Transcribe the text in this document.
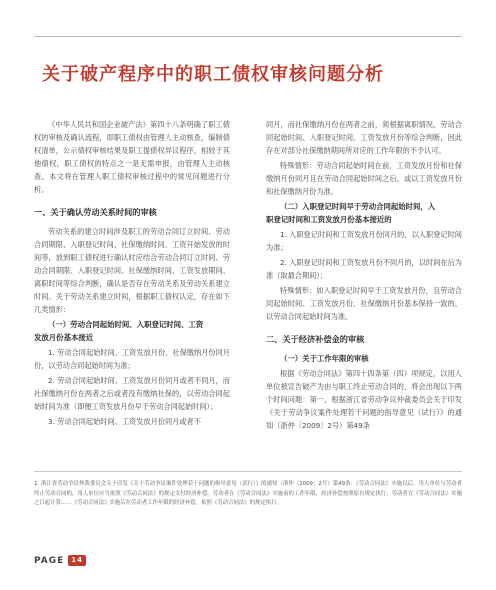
关于破产程序中的职工债权审核问题分析

《中华人民共和国企业破产法》第四十八条明确了职工债权的审核及确认流程，即职工债权由管理人主动核查，编制债权清单，公示债权审核结果及职工提债权异议程序，相较于其他债权，职工债权的特点之一是无需申报，由管理人主动核查。本文将在管理人职工债权审核过程中的常见问题进行分析。

一、关于确认劳动关系时间的审核

劳动关系的建立时间涉及职工的劳动合同订立时间、劳动合同期限、入职登记时间、社保缴纳时间、工资开始发放的时间等，放到职工债权进行确认时应结合劳动合同订立时间、劳动合同期限、入职登记时间、社保缴纳时间、工资发放期间、离职时间等综合判断，确认是否存在劳动关系及劳动关系建立时间。关于劳动关系建立时间，根据职工债权认定，存在如下几类情形：

（一）劳动合同起始时间、入职登记时间、工资
发放月份基本接近

1. 劳动合同起始时间、工资发放月份、社保缴纳月份同月份，以劳动合同起始时间为准；

2. 劳动合同起始时间、工资发放月份同月或者不同月，而社保缴纳月份在两者之后或者没有缴纳社保的，以劳动合同起始时间为准（即便工资发放月份早于劳动合同起始时间）；

3. 劳动合同起始时间、工资发放月份同月或者不

同月，而社保缴纳月份在两者之前，须根据离职情况、劳动合同起始时间、入职登记时间、工资发放月份等综合判断，因此存在对部分社保缴纳期间所对应的工作年限的不予认可。

特殊情形：劳动合同起始时间在前，工资发放月份和社保缴纳月份同月且在劳动合同起始时间之后，或以工资发放月份和社保缴纳月份为准。

（二）入职登记时间早于劳动合同起始时间，入
职登记时间和工资发放月份基本接近的

1. 入职登记时间和工资发放月份同月的，以入职登记时间为准；

2. 入职登记时间和工资发放月份不同月的，以时间在后为准（取最合期间）；

特殊情形：如入职登记时间早于工资发放月份，且劳动合同起始时间、工资发放月份、社保缴纳月份基本保持一致的，以劳动合同起始时间为准。

二、关于经济补偿金的审核
（一）关于工作年限的审核

根据《劳动合同法》第四十四条第（四）项规定，以用人单位被宣告破产为由与职工终止劳动合同的，将会出现以下两个时间问题：第一，根据浙江省劳动争议仲裁委员会关于印发《关于劳动争议案件处理若干问题的指导意见（试行）》的通知（浙仲〔2009〕2号）第49条

1. 浙江省劳动争议仲裁委员会关于印发《关于劳动争议案件处理若干问题的指导意见（试行）》的通知（浙仲〔2009〕2号）第49条：《劳动合同法》实施以后，用人单位与劳动者终止劳动合同的，用人单位应当依照《劳动合同法》的规定支付经济补偿。劳动者在《劳动合同法》实施前的工作年限，经济补偿按照原有规定执行；劳动者在《劳动合同法》实施之日起计算……《劳动合同法》实施后在劳动者工作年限的经济补偿，依照《劳动合同法》的规定执行。
PAGE	14
